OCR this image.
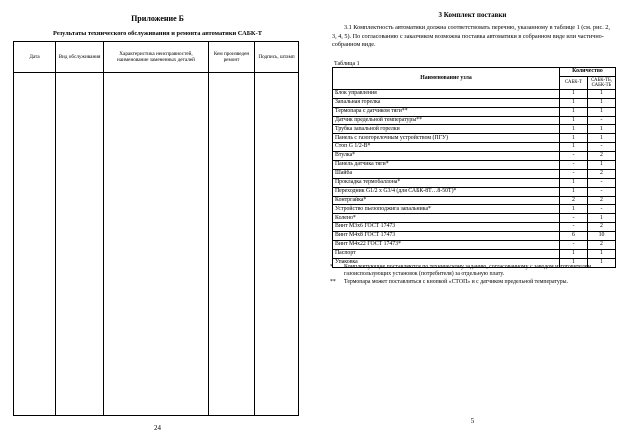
Приложение Б
Результаты технического обслуживания и ремонта автоматики САБК-Т
Дата	Вид обслуживания	Характеристика неисправностей, наименование замененных деталей	Кем произведен ремонт	Подпись, штамп

24
3 Комплект поставки
3.1 Комплектность автоматики должна соответствовать перечню, указанному в таблице 1 (см. рис. 2, 3, 4, 5). По согласованию с заказчиком возможна поставка автоматики в собранном виде или частично-собранном виде.
Таблица 1
Наименование узла	Количество	
	САБК-Т	САБК-ТБ, САБК-ТБ
Блок управления	1	1
Запальная горелка	1	1
Термопара с датчиком тяги**	1	1
Датчик предельной температуры**	1	-
Трубка запальной горелки	1	1
Панель с газогорелочным устройством (ПГУ)	1	1
Стоп G 1/2-В*	1	-
Втулка*	-	2
Панель датчика тяги*	-	1
Шайба	-	2
Прокладка термобаллона*	1	-
Переходник G1/2 х G3/4 (для САБК-8Т…8-50Т)*	1	-
Контргайка*	2	2
Устройство пьезоподжига запальника*	1	-
Колено*	-	1
Винт М3х6 ГОСТ 17473	-	2
Винт М4х8 ГОСТ 17473	6	10
Винт М4х22 ГОСТ 17473*	-	2
Паспорт	1	1
Упаковка	1	1
*	Комплектующие поставляются по техническому заданию, согласованному с заводом изготовителем газоиспользующих установок (потребителя) за отдельную плату.
**	Термопара может поставляться с кнопкой «СТОП» и с датчиком предельной температуры.
5
